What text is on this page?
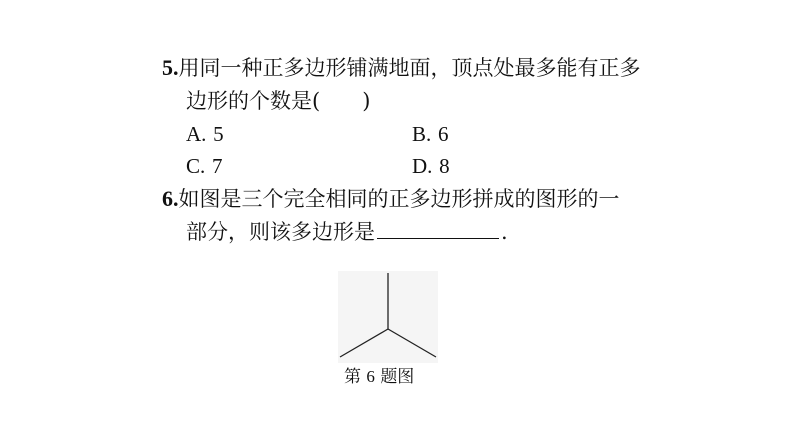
5.用同一种正多边形铺满地面，顶点处最多能有正多
边形的个数是(　　)
A. 5	B. 6
C. 7	D. 8
6.如图是三个完全相同的正多边形拼成的图形的一
部分，则该多边形是	.
第 6 题图
